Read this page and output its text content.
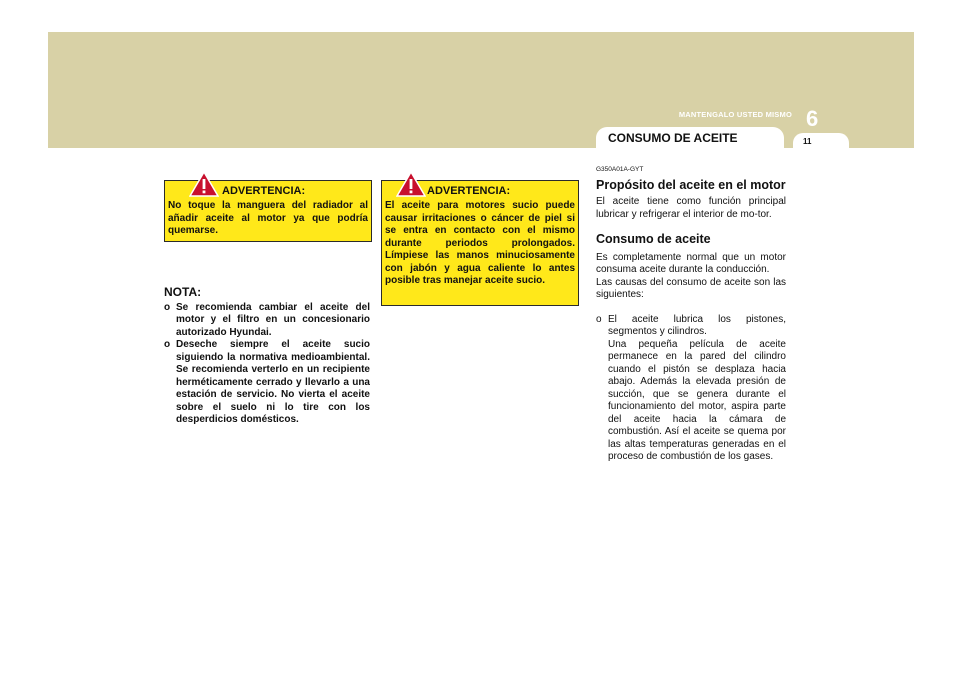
MANTENGALO USTED MISMO 6
CONSUMO DE ACEITE	11
ADVERTENCIA:

No toque la manguera del radiador al añadir aceite al motor ya que podría quemarse.

ADVERTENCIA:

El aceite para motores sucio puede causar irritaciones o cáncer de piel si se entra en contacto con el mismo durante periodos prolongados. Límpiese las manos minuciosamente con jabón y agua caliente lo antes posible tras manejar aceite sucio.

NOTA:
o Se recomienda cambiar el aceite del motor y el filtro en un concesionario autorizado Hyundai.
o Deseche siempre el aceite sucio siguiendo la normativa medioambiental. Se recomienda verterlo en un recipiente herméticamente cerrado y llevarlo a una estación de servicio. No vierta el aceite sobre el suelo ni lo tire con los desperdicios domésticos.
G350A01A-GYT
Propósito del aceite en el motor

El aceite tiene como función principal lubricar y refrigerar el interior de mo-tor.

Consumo de aceite

Es completamente normal que un motor consuma aceite durante la conducción.

Las causas del consumo de aceite son las siguientes:

o El aceite lubrica los pistones, segmentos y cilindros.

Una pequeña película de aceite permanece en la pared del cilindro cuando el pistón se desplaza hacia abajo. Además la elevada presión de succión, que se genera durante el funcionamiento del motor, aspira parte del aceite hacia la cámara de combustión. Así el aceite se quema por las altas temperaturas generadas en el proceso de combustión de los gases.
